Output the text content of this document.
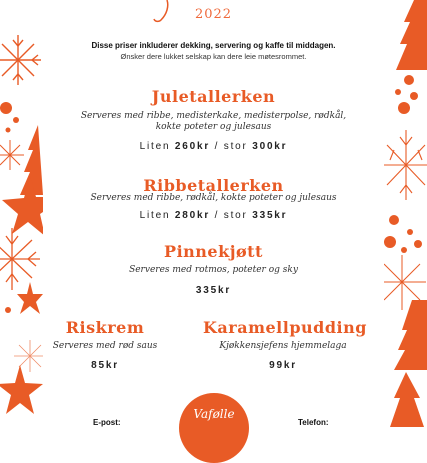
2022
Disse priser inkluderer dekking, servering og kaffe til middagen.
Ønsker dere lukket selskap kan dere leie møtesrommet.
Juletallerken
Serveres med ribbe, medisterkake, medisterpolse, rødkål,
kokte poteter og julesaus
Liten 260kr / stor 300kr
Ribbetallerken
Serveres med ribbe, rødkål, kokte poteter og julesaus
Liten 280kr / stor 335kr
Pinnekjøtt
Serveres med rotmos, poteter og sky
335kr
Riskrem
Serveres med rød saus
85kr
Karamellpudding
Kjøkkensjefens hjemmelaga
99kr
E-post:	Telefon:
Vafølle
